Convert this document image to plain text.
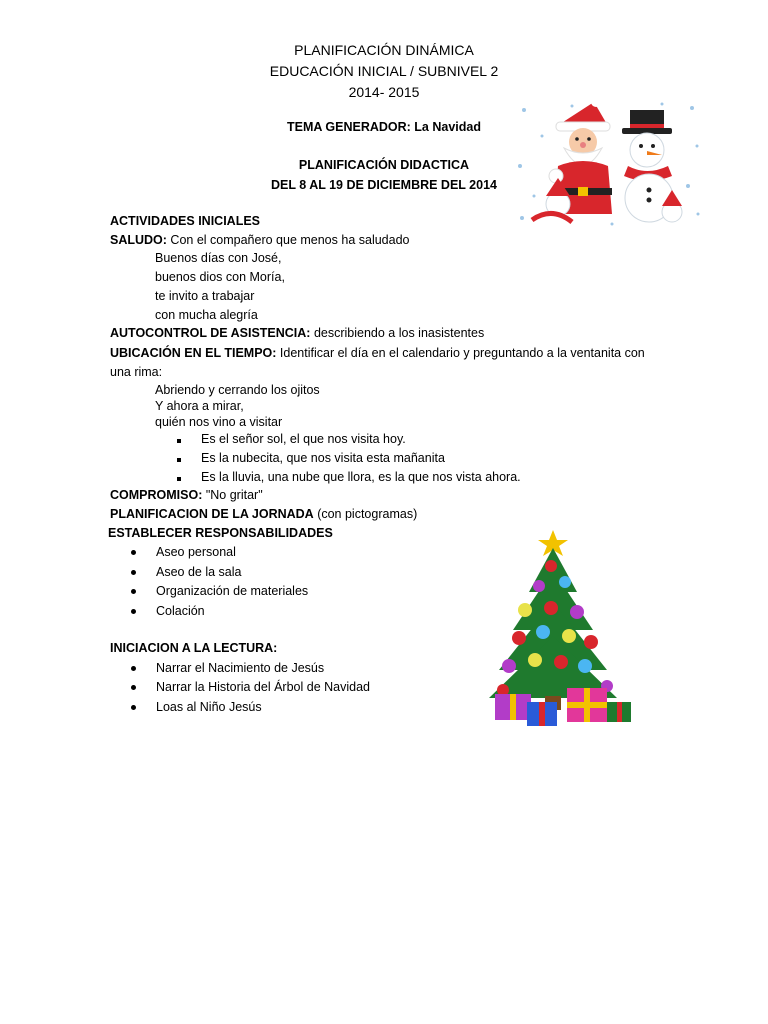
PLANIFICACIÓN DINÁMICA
EDUCACIÓN INICIAL / SUBNIVEL 2
2014- 2015
TEMA GENERADOR: La Navidad
PLANIFICACIÓN DIDACTICA
DEL 8 AL 19 DE DICIEMBRE DEL 2014
ACTIVIDADES INICIALES
SALUDO: Con el compañero que menos ha saludado
Buenos días con José,
buenos dios con Moría,
te invito a trabajar
con mucha alegría
AUTOCONTROL DE ASISTENCIA: describiendo a los inasistentes
UBICACIÓN EN EL TIEMPO: Identificar el día en el calendario y preguntando a la ventanita con
una rima:
Abriendo y cerrando los ojitos
Y ahora a mirar,
quién nos vino a visitar
Es el señor sol, el que nos visita hoy.
Es la nubecita, que nos visita esta mañanita
Es la lluvia, una nube que llora, es la que nos vista ahora.
COMPROMISO: "No gritar"
PLANIFICACION DE LA JORNADA (con pictogramas)
ESTABLECER RESPONSABILIDADES
Aseo personal
Aseo de la sala
Organización de materiales
Colación
INICIACION A LA LECTURA:
Narrar el Nacimiento de Jesús
Narrar la Historia del Árbol de Navidad
Loas al Niño Jesús
